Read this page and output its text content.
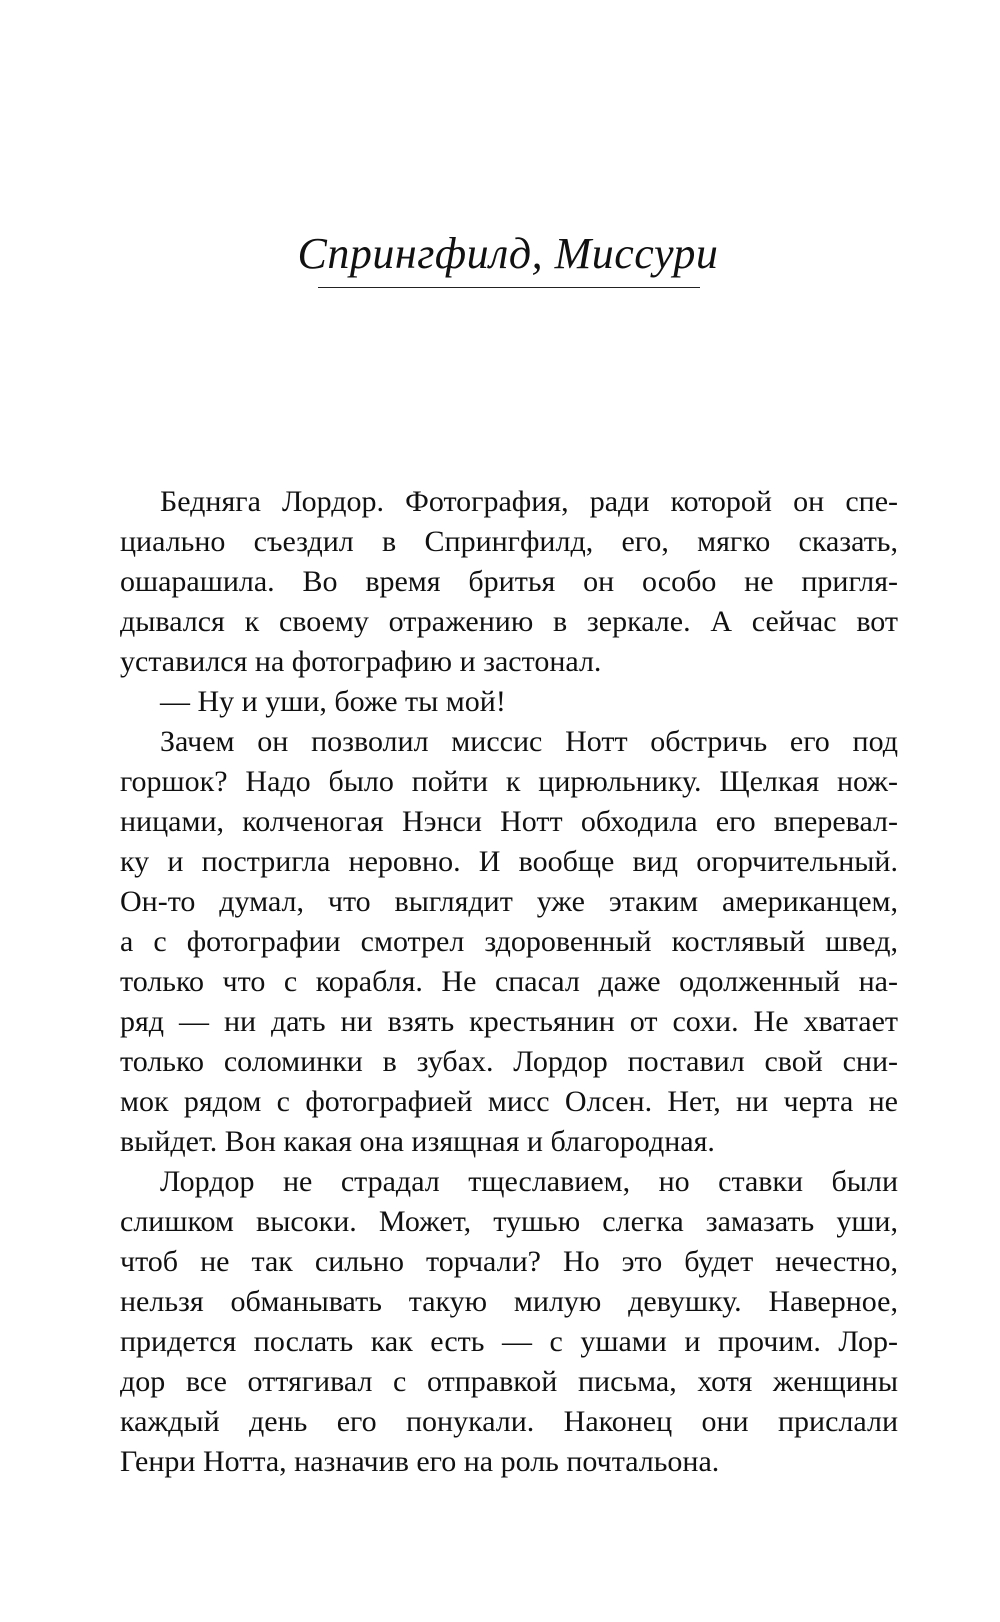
Спрингфилд, Миссури
Бедняга Лордор. Фотография, ради которой он спе-
циально съездил в Спрингфилд, его, мягко сказать,
ошарашила. Во время бритья он особо не пригля-
дывался к своему отражению в зеркале. А сейчас вот
уставился на фотографию и застонал.
— Ну и уши, боже ты мой!
Зачем он позволил миссис Нотт обстричь его под
горшок? Надо было пойти к цирюльнику. Щелкая нож-
ницами, колченогая Нэнси Нотт обходила его вперевал-
ку и постригла неровно. И вообще вид огорчительный.
Он-то думал, что выглядит уже этаким американцем,
а с фотографии смотрел здоровенный костлявый швед,
только что с корабля. Не спасал даже одолженный на-
ряд — ни дать ни взять крестьянин от сохи. Не хватает
только соломинки в зубах. Лордор поставил свой сни-
мок рядом с фотографией мисс Олсен. Нет, ни черта не
выйдет. Вон какая она изящная и благородная.
Лордор не страдал тщеславием, но ставки были
слишком высоки. Может, тушью слегка замазать уши,
чтоб не так сильно торчали? Но это будет нечестно,
нельзя обманывать такую милую девушку. Наверное,
придется послать как есть — с ушами и прочим. Лор-
дор все оттягивал с отправкой письма, хотя женщины
каждый день его понукали. Наконец они прислали
Генри Нотта, назначив его на роль почтальона.
